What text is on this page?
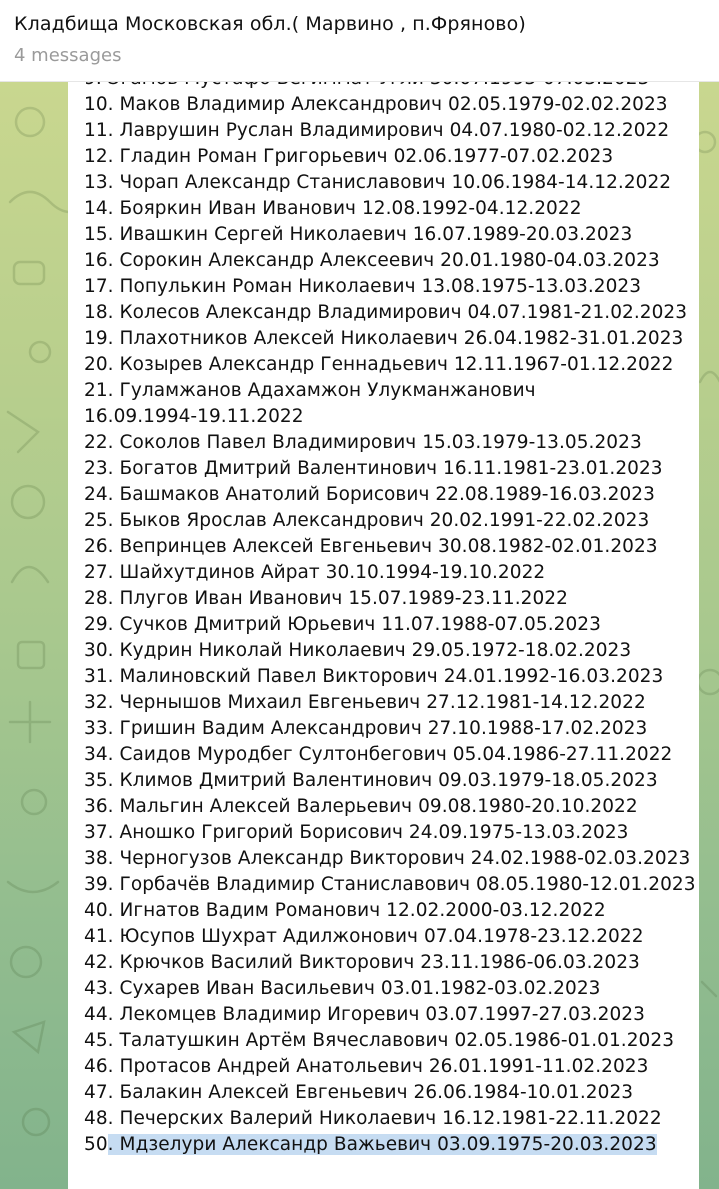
Кладбища Московская обл.( Марвино , п.Фряново)
4 messages
10. Маков Владимир Александрович 02.05.1979-02.02.2023
11. Лаврушин Руслан Владимирович 04.07.1980-02.12.2022
12. Гладин Роман Григорьевич 02.06.1977-07.02.2023
13. Чорап Александр Станиславович 10.06.1984-14.12.2022
14. Бояркин Иван Иванович 12.08.1992-04.12.2022
15. Ивашкин Сергей Николаевич 16.07.1989-20.03.2023
16. Сорокин Александр Алексеевич 20.01.1980-04.03.2023
17. Популькин Роман Николаевич 13.08.1975-13.03.2023
18. Колесов Александр Владимирович 04.07.1981-21.02.2023
19. Плахотников Алексей Николаевич 26.04.1982-31.01.2023
20. Козырев Александр Геннадьевич 12.11.1967-01.12.2022
21. Гуламжанов Адахамжон Улукманжанович
16.09.1994-19.11.2022
22. Соколов Павел Владимирович 15.03.1979-13.05.2023
23. Богатов Дмитрий Валентинович 16.11.1981-23.01.2023
24. Башмаков Анатолий Борисович 22.08.1989-16.03.2023
25. Быков Ярослав Александрович 20.02.1991-22.02.2023
26. Вепринцев Алексей Евгеньевич 30.08.1982-02.01.2023
27. Шайхутдинов Айрат 30.10.1994-19.10.2022
28. Плугов Иван Иванович 15.07.1989-23.11.2022
29. Сучков Дмитрий Юрьевич 11.07.1988-07.05.2023
30. Кудрин Николай Николаевич 29.05.1972-18.02.2023
31. Малиновский Павел Викторович 24.01.1992-16.03.2023
32. Чернышов Михаил Евгеньевич 27.12.1981-14.12.2022
33. Гришин Вадим Александрович 27.10.1988-17.02.2023
34. Саидов Муродбег Султонбегович 05.04.1986-27.11.2022
35. Климов Дмитрий Валентинович 09.03.1979-18.05.2023
36. Мальгин Алексей Валерьевич 09.08.1980-20.10.2022
37. Аношко Григорий Борисович 24.09.1975-13.03.2023
38. Черногузов Александр Викторович 24.02.1988-02.03.2023
39. Горбачёв Владимир Станиславович 08.05.1980-12.01.2023
40. Игнатов Вадим Романович 12.02.2000-03.12.2022
41. Юсупов Шухрат Адилжонович 07.04.1978-23.12.2022
42. Крючков Василий Викторович 23.11.1986-06.03.2023
43. Сухарев Иван Васильевич 03.01.1982-03.02.2023
44. Лекомцев Владимир Игоревич 03.07.1997-27.03.2023
45. Талатушкин Артём Вячеславович 02.05.1986-01.01.2023
46. Протасов Андрей Анатольевич 26.01.1991-11.02.2023
47. Балакин Алексей Евгеньевич 26.06.1984-10.01.2023
48. Печерских Валерий Николаевич 16.12.1981-22.11.2022
50. Мдзелури Александр Важьевич 03.09.1975-20.03.2023
